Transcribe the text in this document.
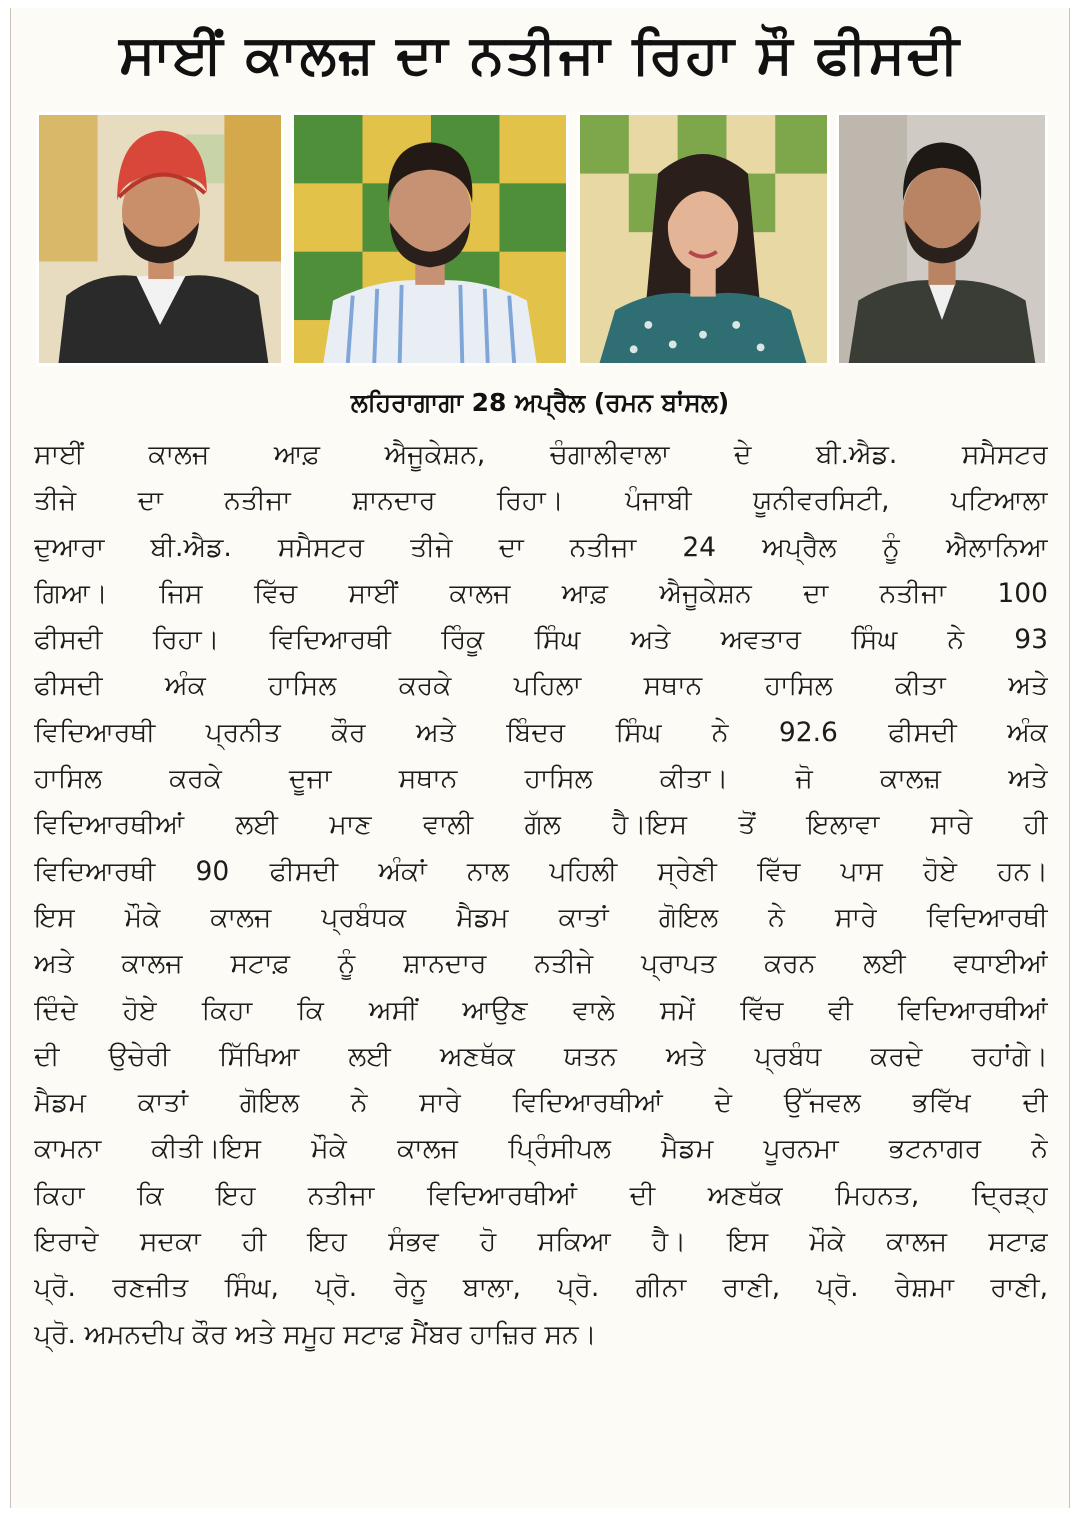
ਸਾਈਂ ਕਾਲਜ਼ ਦਾ ਨਤੀਜਾ ਰਿਹਾ ਸੌ ਫੀਸਦੀ

ਲਹਿਰਾਗਾਗਾ 28 ਅਪ੍ਰੈਲ (ਰਮਨ ਬਾਂਸਲ)

ਸਾਈਂ ਕਾਲਜ ਆਫ਼ ਐਜੂਕੇਸ਼ਨ, ਚੰਗਾਲੀਵਾਲਾ ਦੇ ਬੀ.ਐਡ. ਸਮੈਸਟਰ
ਤੀਜੇ ਦਾ ਨਤੀਜਾ ਸ਼ਾਨਦਾਰ ਰਿਹਾ। ਪੰਜਾਬੀ ਯੂਨੀਵਰਸਿਟੀ, ਪਟਿਆਲਾ
ਦੁਆਰਾ ਬੀ.ਐਡ. ਸਮੈਸਟਰ ਤੀਜੇ ਦਾ ਨਤੀਜਾ 24 ਅਪ੍ਰੈਲ ਨੂੰ ਐਲਾਨਿਆ
ਗਿਆ। ਜਿਸ ਵਿੱਚ ਸਾਈਂ ਕਾਲਜ ਆਫ਼ ਐਜੂਕੇਸ਼ਨ ਦਾ ਨਤੀਜਾ 100
ਫੀਸਦੀ ਰਿਹਾ। ਵਿਦਿਆਰਥੀ ਰਿੰਕੂ ਸਿੰਘ ਅਤੇ ਅਵਤਾਰ ਸਿੰਘ ਨੇ 93
ਫੀਸਦੀ ਅੰਕ ਹਾਸਿਲ ਕਰਕੇ ਪਹਿਲਾ ਸਥਾਨ ਹਾਸਿਲ ਕੀਤਾ ਅਤੇ
ਵਿਦਿਆਰਥੀ ਪ੍ਰਨੀਤ ਕੌਰ ਅਤੇ ਬਿੰਦਰ ਸਿੰਘ ਨੇ 92.6 ਫੀਸਦੀ ਅੰਕ
ਹਾਸਿਲ ਕਰਕੇ ਦੂਜਾ ਸਥਾਨ ਹਾਸਿਲ ਕੀਤਾ। ਜੋ ਕਾਲਜ਼ ਅਤੇ
ਵਿਦਿਆਰਥੀਆਂ ਲਈ ਮਾਣ ਵਾਲੀ ਗੱਲ ਹੈ।ਇਸ ਤੋਂ ਇਲਾਵਾ ਸਾਰੇ ਹੀ
ਵਿਦਿਆਰਥੀ 90 ਫੀਸਦੀ ਅੰਕਾਂ ਨਾਲ ਪਹਿਲੀ ਸ੍ਰੇਣੀ ਵਿੱਚ ਪਾਸ ਹੋਏ ਹਨ।
ਇਸ ਮੌਕੇ ਕਾਲਜ ਪ੍ਰਬੰਧਕ ਮੈਡਮ ਕਾਤਾਂ ਗੋਇਲ ਨੇ ਸਾਰੇ ਵਿਦਿਆਰਥੀ
ਅਤੇ ਕਾਲਜ ਸਟਾਫ਼ ਨੂੰ ਸ਼ਾਨਦਾਰ ਨਤੀਜੇ ਪ੍ਰਾਪਤ ਕਰਨ ਲਈ ਵਧਾਈਆਂ
ਦਿੰਦੇ ਹੋਏ ਕਿਹਾ ਕਿ ਅਸੀਂ ਆਉਣ ਵਾਲੇ ਸਮੇਂ ਵਿੱਚ ਵੀ ਵਿਦਿਆਰਥੀਆਂ
ਦੀ ਉਚੇਰੀ ਸਿੱਖਿਆ ਲਈ ਅਣਥੱਕ ਯਤਨ ਅਤੇ ਪ੍ਰਬੰਧ ਕਰਦੇ ਰਹਾਂਗੇ।
ਮੈਡਮ ਕਾਤਾਂ ਗੋਇਲ ਨੇ ਸਾਰੇ ਵਿਦਿਆਰਥੀਆਂ ਦੇ ਉੱਜਵਲ ਭਵਿੱਖ ਦੀ
ਕਾਮਨਾ ਕੀਤੀ।ਇਸ ਮੌਕੇ ਕਾਲਜ ਪ੍ਰਿੰਸੀਪਲ ਮੈਡਮ ਪੂਰਨਮਾ ਭਟਨਾਗਰ ਨੇ
ਕਿਹਾ ਕਿ ਇਹ ਨਤੀਜਾ ਵਿਦਿਆਰਥੀਆਂ ਦੀ ਅਣਥੱਕ ਮਿਹਨਤ, ਦ੍ਰਿੜ੍ਹ
ਇਰਾਦੇ ਸਦਕਾ ਹੀ ਇਹ ਸੰਭਵ ਹੋ ਸਕਿਆ ਹੈ। ਇਸ ਮੌਕੇ ਕਾਲਜ ਸਟਾਫ਼
ਪ੍ਰੋ. ਰਣਜੀਤ ਸਿੰਘ, ਪ੍ਰੋ. ਰੇਨੂ ਬਾਲਾ, ਪ੍ਰੋ. ਗੀਨਾ ਰਾਣੀ, ਪ੍ਰੋ. ਰੇਸ਼ਮਾ ਰਾਣੀ,
ਪ੍ਰੋ. ਅਮਨਦੀਪ ਕੌਰ ਅਤੇ ਸਮੂਹ ਸਟਾਫ਼ ਮੈਂਬਰ ਹਾਜ਼ਿਰ ਸਨ।
